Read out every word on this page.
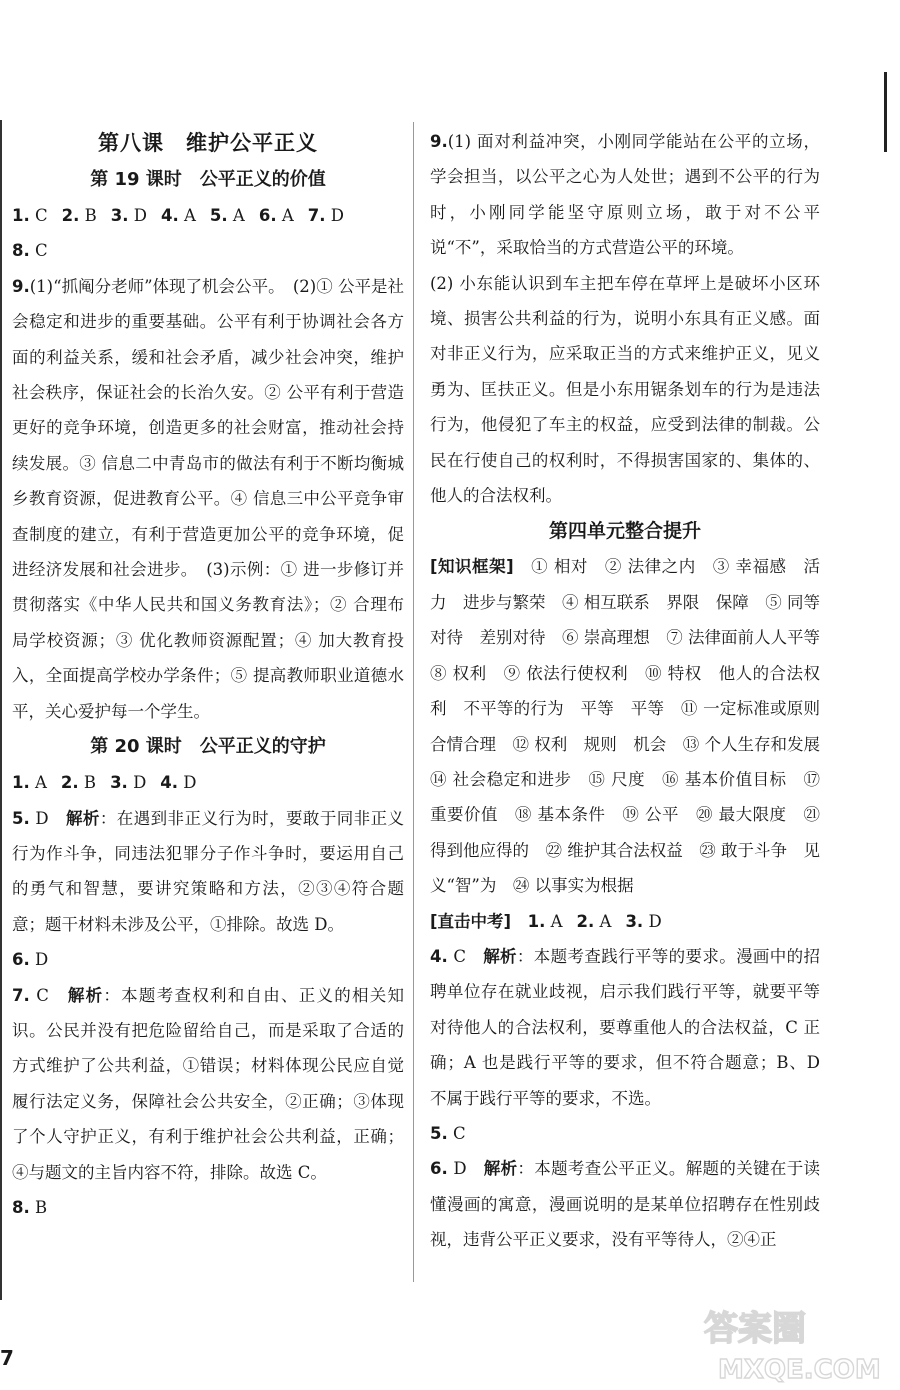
第八课　维护公平正义

第 19 课时　公平正义的价值

1. C 2. B 3. D 4. A 5. A 6. A 7. D

8. C

9.(1)“抓阄分老师”体现了机会公平。　(2)① 公平是社会稳定和进步的重要基础。公平有利于协调社会各方面的利益关系，缓和社会矛盾，减少社会冲突，维护社会秩序，保证社会的长治久安。② 公平有利于营造更好的竞争环境，创造更多的社会财富，推动社会持续发展。③ 信息二中青岛市的做法有利于不断均衡城乡教育资源，促进教育公平。④ 信息三中公平竞争审查制度的建立，有利于营造更加公平的竞争环境，促进经济发展和社会进步。　(3)示例：① 进一步修订并贯彻落实《中华人民共和国义务教育法》；② 合理布局学校资源；③ 优化教师资源配置；④ 加大教育投入，全面提高学校办学条件；⑤ 提高教师职业道德水平，关心爱护每一个学生。

第 20 课时　公平正义的守护

1. A 2. B 3. D 4. D

5. D　 解析：在遇到非正义行为时，要敢于同非正义行为作斗争，同违法犯罪分子作斗争时，要运用自己的勇气和智慧，要讲究策略和方法，②③④符合题意；题干材料未涉及公平，①排除。故选 D。

6. D

7. C　 解析：本题考查权利和自由、正义的相关知识。公民并没有把危险留给自己，而是采取了合适的方式维护了公共利益，①错误；材料体现公民应自觉履行法定义务，保障社会公共安全，②正确；③体现了个人守护正义，有利于维护社会公共利益，正确；④与题文的主旨内容不符，排除。故选 C。

8. B

9.(1) 面对利益冲突，小刚同学能站在公平的立场，学会担当，以公平之心为人处世；遇到不公平的行为时，小刚同学能坚守原则立场，敢于对不公平说“不”，采取恰当的方式营造公平的环境。

(2) 小东能认识到车主把车停在草坪上是破坏小区环境、损害公共利益的行为，说明小东具有正义感。面对非正义行为，应采取正当的方式来维护正义，见义勇为、匡扶正义。但是小东用锯条划车的行为是违法行为，他侵犯了车主的权益，应受到法律的制裁。公民在行使自己的权利时，不得损害国家的、集体的、他人的合法权利。

第四单元整合提升

[知识框架]　 ① 相对　② 法律之内　③ 幸福感　活力　进步与繁荣　④ 相互联系　界限　保障　⑤ 同等对待　差别对待　⑥ 崇高理想　⑦ 法律面前人人平等　⑧ 权利　⑨ 依法行使权利　⑩ 特权　他人的合法权利　不平等的行为　平等　平等　⑪ 一定标准或原则　合情合理　⑫ 权利　规则　机会　⑬ 个人生存和发展　⑭ 社会稳定和进步　⑮ 尺度　⑯ 基本价值目标　⑰ 重要价值　⑱ 基本条件　⑲ 公平　⑳ 最大限度　㉑ 得到他应得的　㉒ 维护其合法权益　㉓ 敢于斗争　见义“智”为　㉔ 以事实为根据

[直击中考]　 1. A 2. A 3. D

4. C　 解析：本题考查践行平等的要求。漫画中的招聘单位存在就业歧视，启示我们践行平等，就要平等对待他人的合法权利，要尊重他人的合法权益，C 正确；A 也是践行平等的要求，但不符合题意；B、D 不属于践行平等的要求，不选。

5. C

6. D　 解析：本题考查公平正义。解题的关键在于读懂漫画的寓意，漫画说明的是某单位招聘存在性别歧视，违背公平正义要求，没有平等待人，②④正

7
答案圈
MXQE.COM
